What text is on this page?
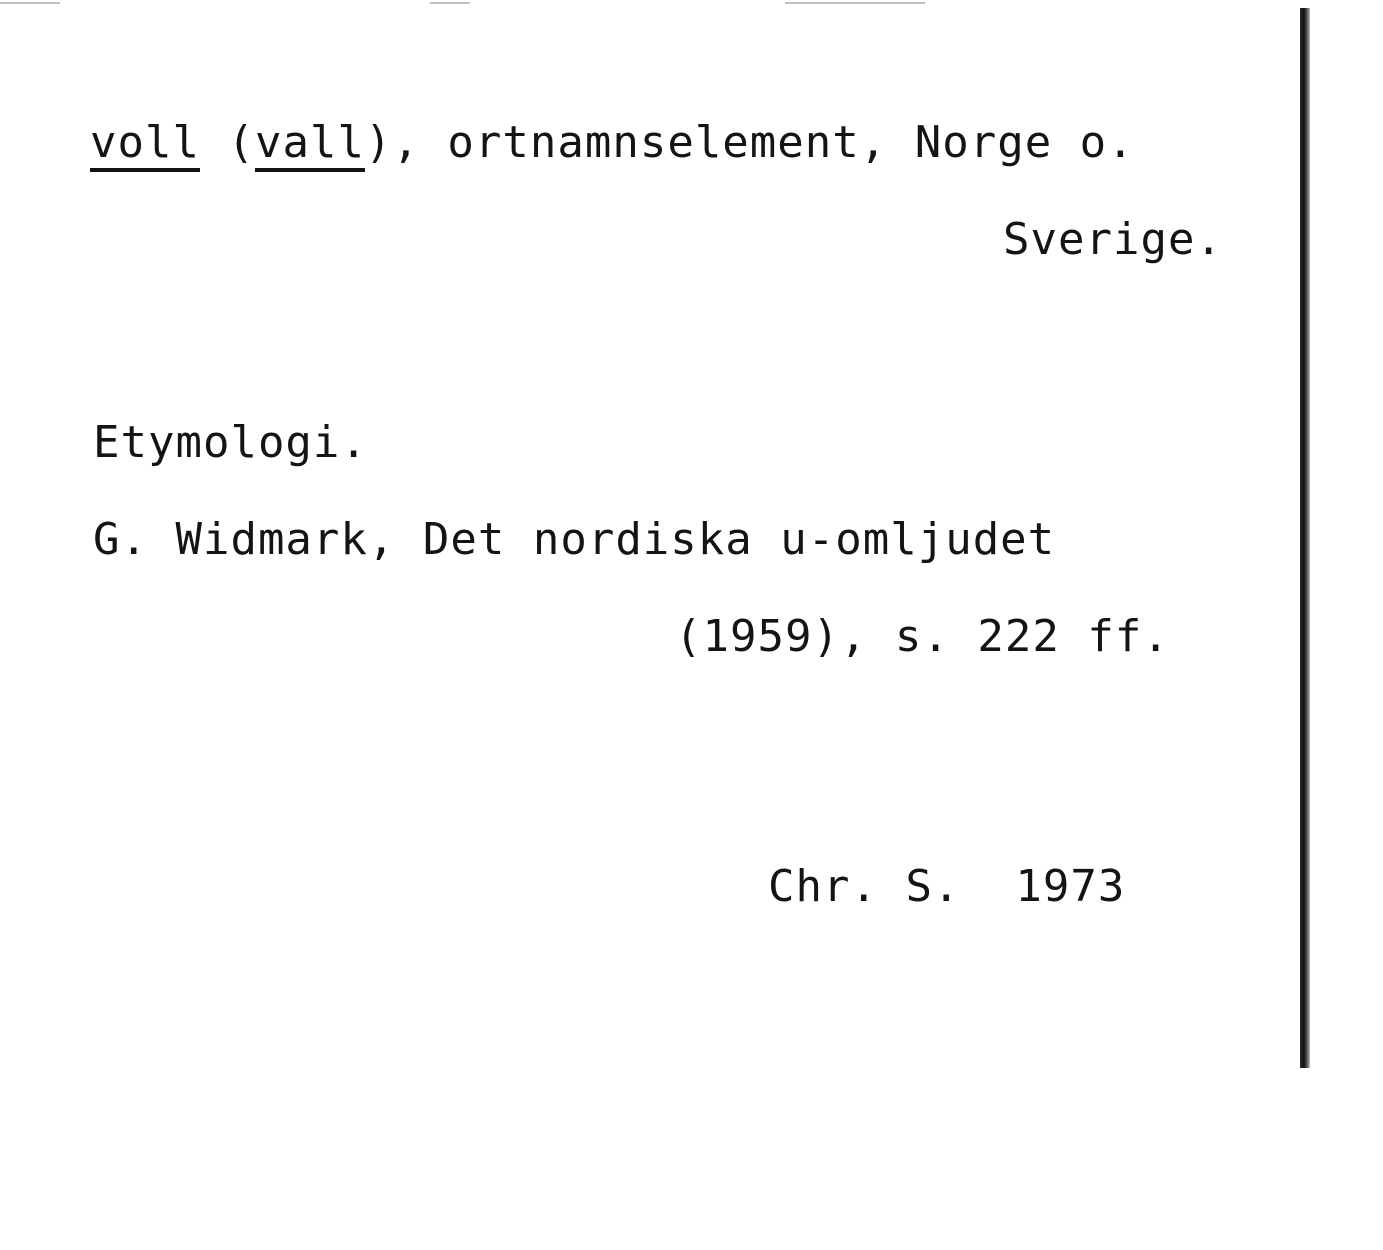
voll (vall), ortnamnselement, Norge o.
Sverige.
Etymologi.
G. Widmark, Det nordiska u-omljudet
(1959), s. 222 ff.
Chr. S.  1973
